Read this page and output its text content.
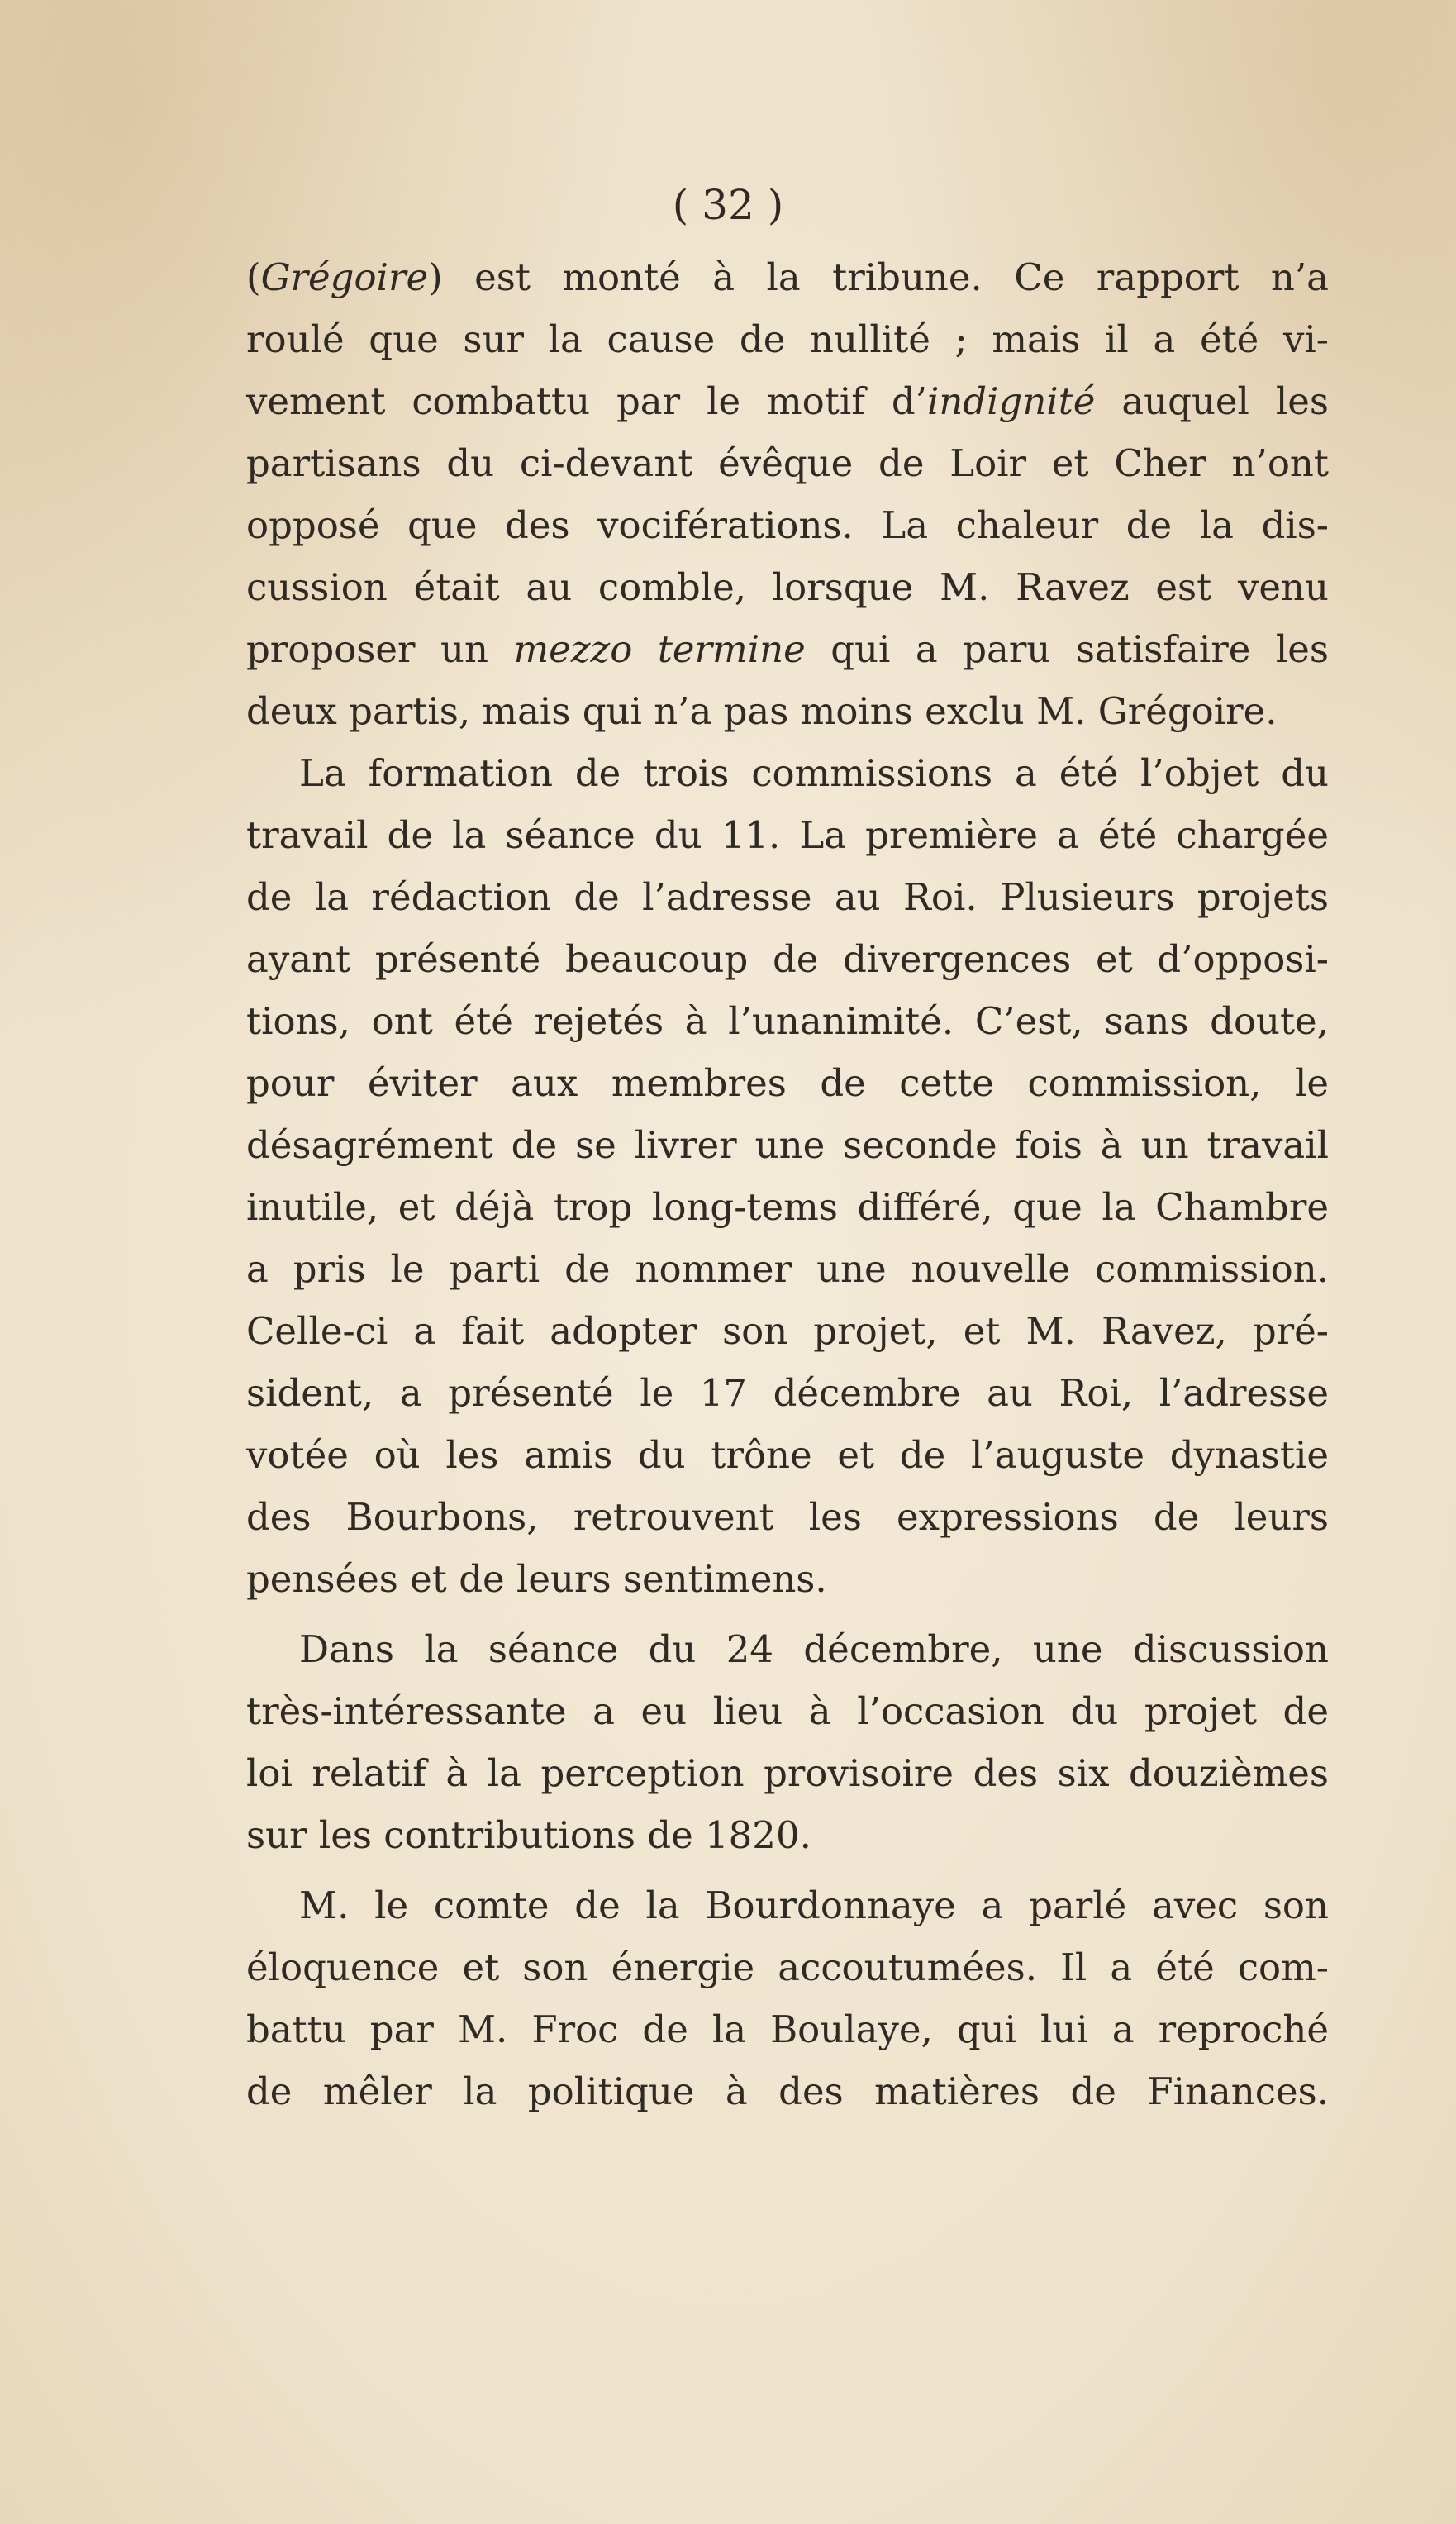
( 32 )

(Grégoire) est monté à la tribune. Ce rapport n’a

roulé que sur la cause de nullité ; mais il a été vi-

vement combattu par le motif d’indignité auquel les

partisans du ci-devant évêque de Loir et Cher n’ont

opposé que des vociférations. La chaleur de la dis-

cussion était au comble, lorsque M. Ravez est venu

proposer un mezzo termine qui a paru satisfaire les

deux partis, mais qui n’a pas moins exclu M. Grégoire.

La formation de trois commissions a été l’objet du

travail de la séance du 11. La première a été chargée

de la rédaction de l’adresse au Roi. Plusieurs projets

ayant présenté beaucoup de divergences et d’opposi-

tions, ont été rejetés à l’unanimité. C’est, sans doute,

pour éviter aux membres de cette commission, le

désagrément de se livrer une seconde fois à un travail

inutile, et déjà trop long-tems différé, que la Chambre

a pris le parti de nommer une nouvelle commission.

Celle-ci a fait adopter son projet, et M. Ravez, pré-

sident, a présenté le 17 décembre au Roi, l’adresse

votée où les amis du trône et de l’auguste dynastie

des Bourbons, retrouvent les expressions de leurs

pensées et de leurs sentimens.

Dans la séance du 24 décembre, une discussion

très-intéressante a eu lieu à l’occasion du projet de

loi relatif à la perception provisoire des six douzièmes

sur les contributions de 1820.

M. le comte de la Bourdonnaye a parlé avec son

éloquence et son énergie accoutumées. Il a été com-

battu par M. Froc de la Boulaye, qui lui a reproché

de mêler la politique à des matières de Finances.
